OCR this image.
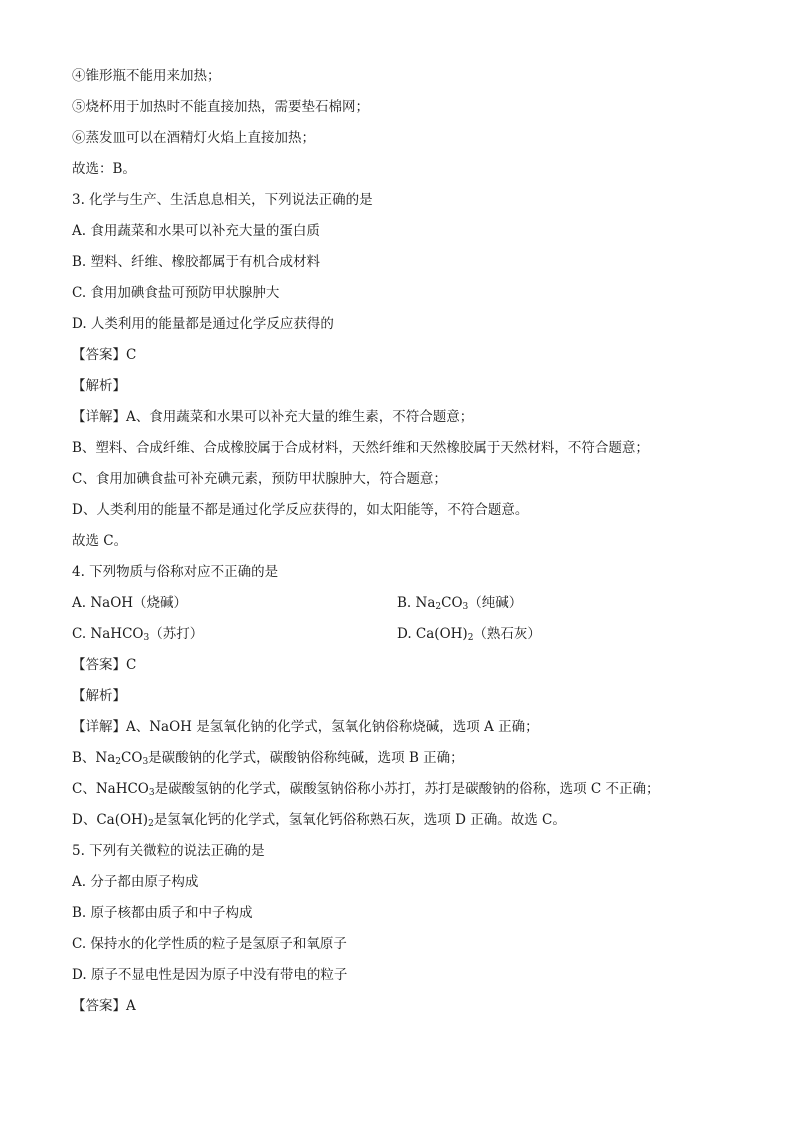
④锥形瓶不能用来加热；
⑤烧杯用于加热时不能直接加热，需要垫石棉网；
⑥蒸发皿可以在酒精灯火焰上直接加热；
故选：B。
3. 化学与生产、生活息息相关，下列说法正确的是
A. 食用蔬菜和水果可以补充大量的蛋白质
B. 塑料、纤维、橡胶都属于有机合成材料
C. 食用加碘食盐可预防甲状腺肿大
D. 人类利用的能量都是通过化学反应获得的
【答案】C
【解析】
【详解】A、食用蔬菜和水果可以补充大量的维生素，不符合题意；
B、塑料、合成纤维、合成橡胶属于合成材料，天然纤维和天然橡胶属于天然材料，不符合题意；
C、食用加碘食盐可补充碘元素，预防甲状腺肿大，符合题意；
D、人类利用的能量不都是通过化学反应获得的，如太阳能等，不符合题意。
故选 C。
4. 下列物质与俗称对应不正确的是
A. NaOH（烧碱）	B. $Na_2CO_3$（纯碱）
C. NaHCO$_3$（苏打）	D. $Ca(OH)_2$（熟石灰）
【答案】C
【解析】
【详解】A、NaOH 是氢氧化钠的化学式，氢氧化钠俗称烧碱，选项 A 正确；
B、$Na_2CO_3$是碳酸钠的化学式，碳酸钠俗称纯碱，选项 B 正确；
C、NaHCO$_3$是碳酸氢钠的化学式，碳酸氢钠俗称小苏打，苏打是碳酸钠的俗称，选项 C 不正确；
D、$Ca(OH)_2$是氢氧化钙的化学式，氢氧化钙俗称熟石灰，选项 D 正确。故选 C。
5. 下列有关微粒的说法正确的是
A. 分子都由原子构成
B. 原子核都由质子和中子构成
C. 保持水的化学性质的粒子是氢原子和氧原子
D. 原子不显电性是因为原子中没有带电的粒子
【答案】A
